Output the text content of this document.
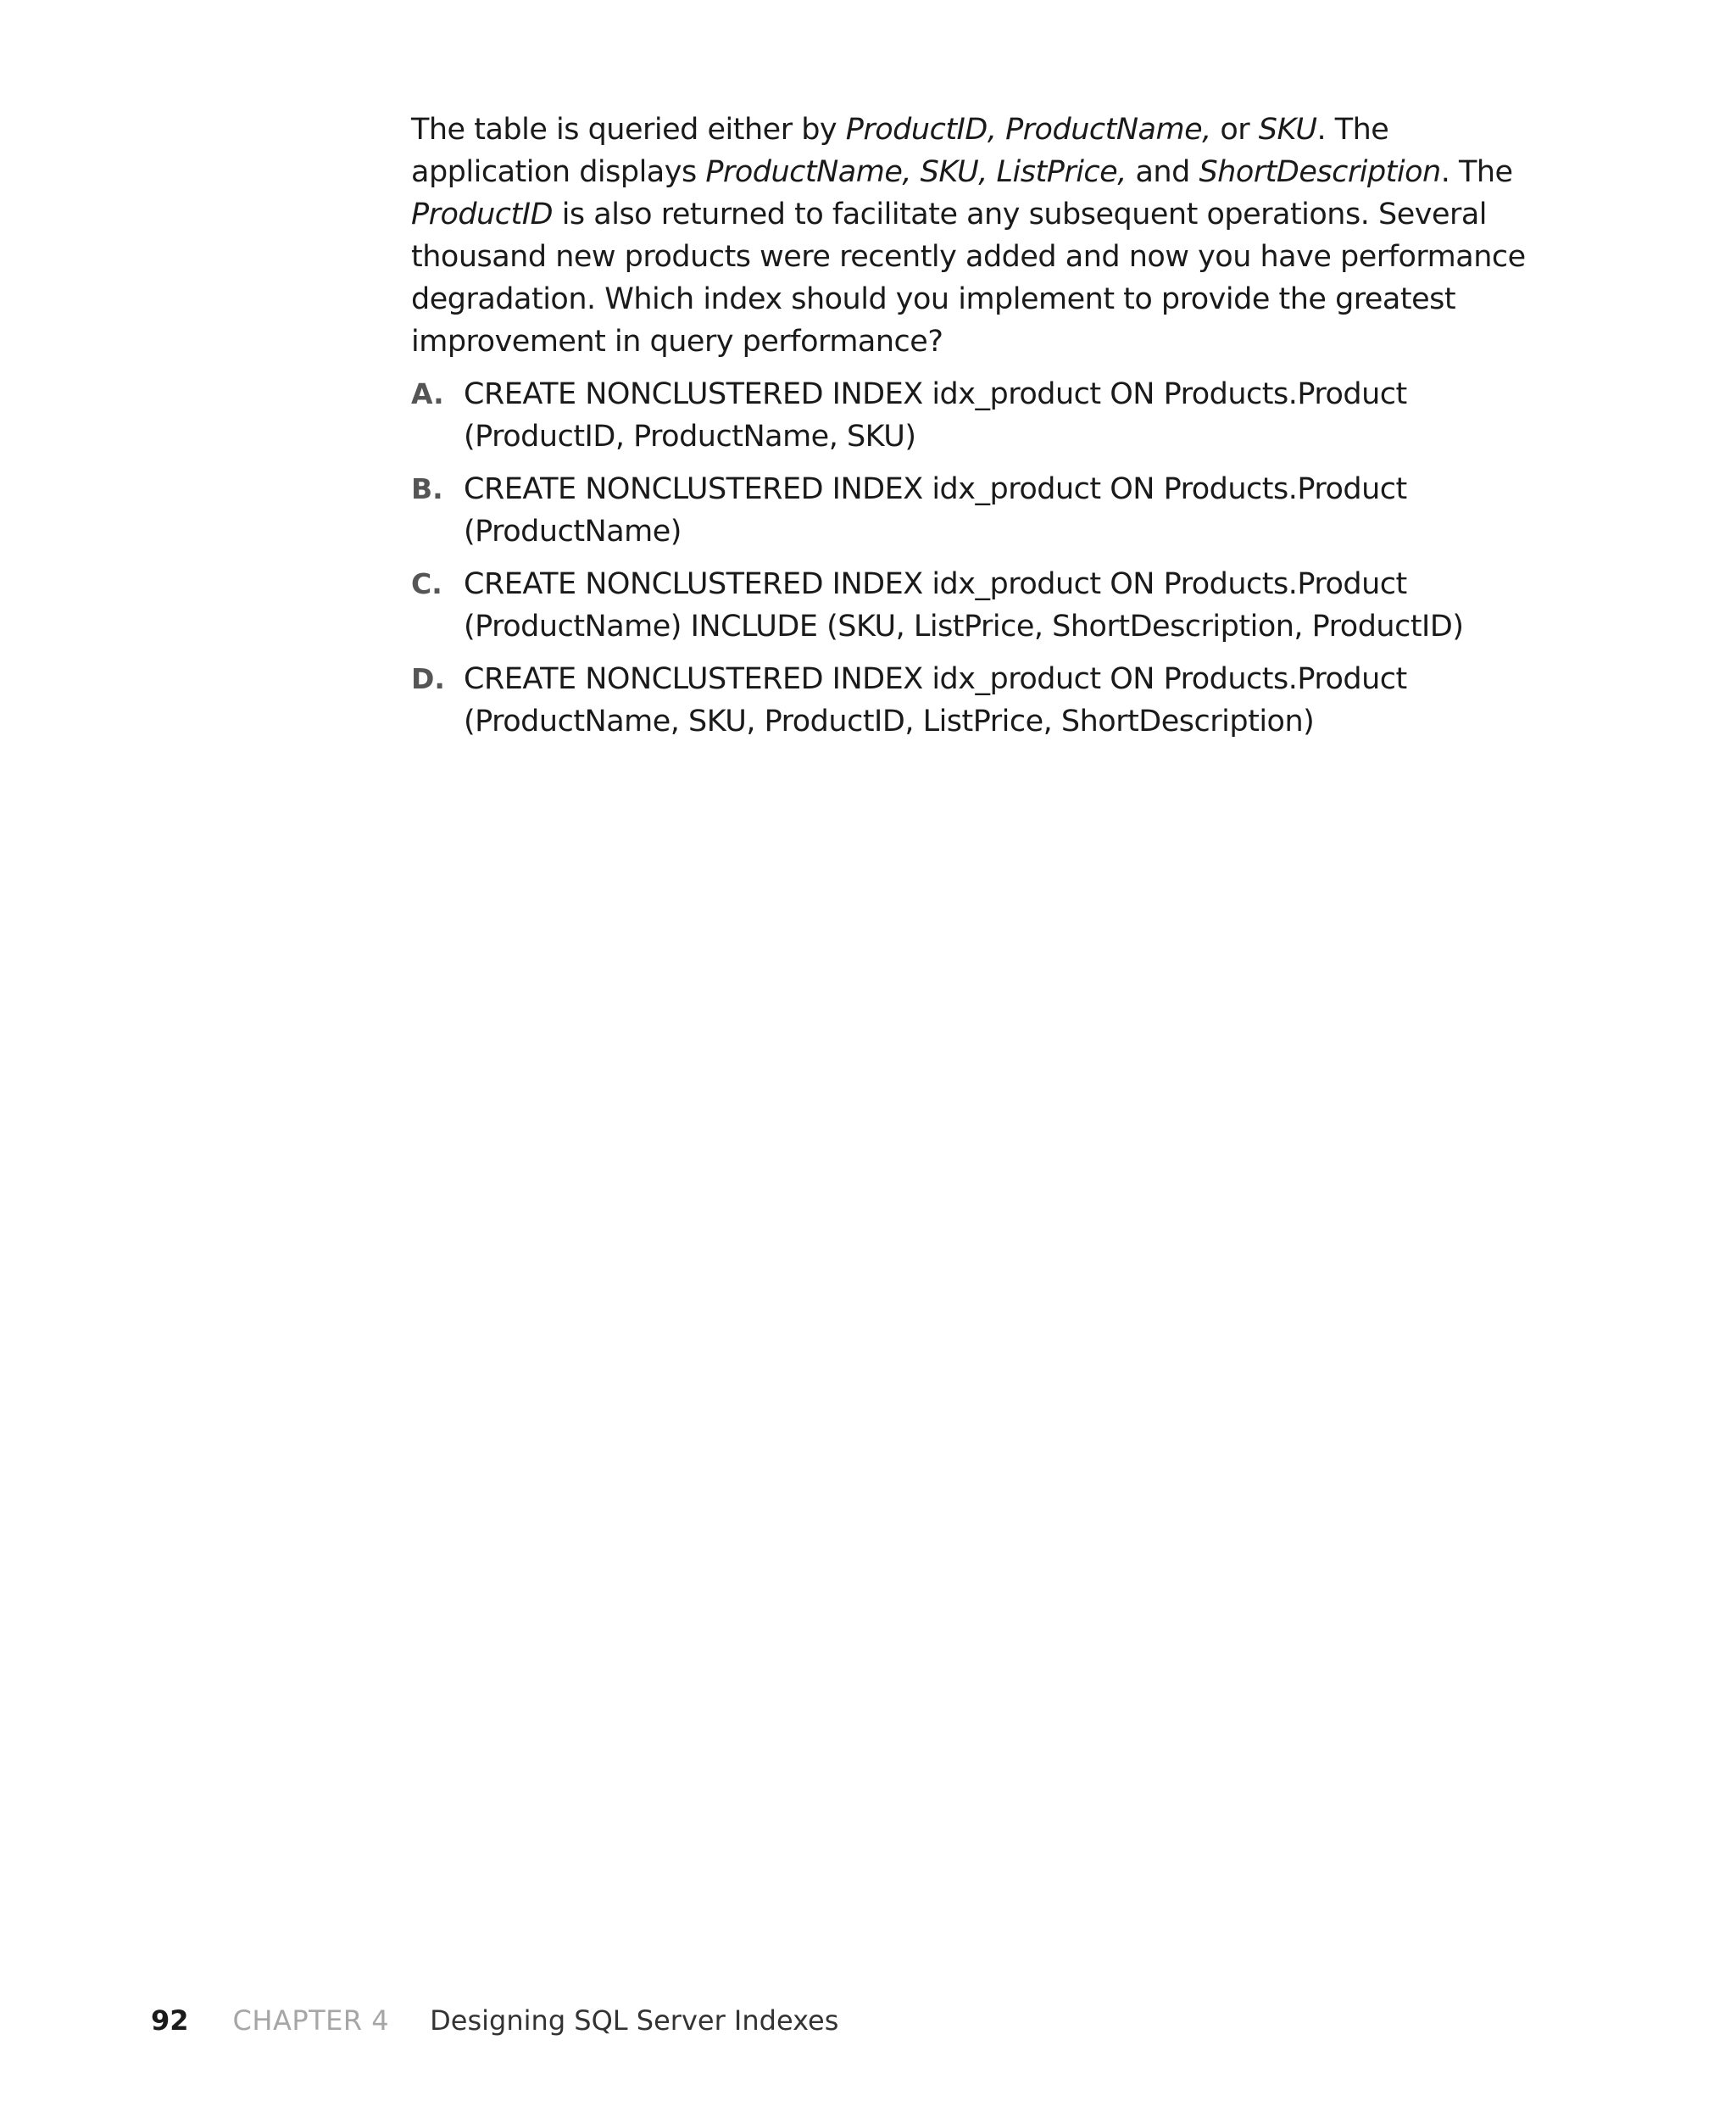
The table is queried either by ProductID, ProductName, or SKU. The application displays ProductName, SKU, ListPrice, and ShortDescription. The ProductID is also returned to facilitate any subsequent operations. Several thousand new products were recently added and now you have performance degradation. Which index should you implement to provide the greatest improvement in query performance?

A. CREATE NONCLUSTERED INDEX idx_product ON Products.Product (ProductID, ProductName, SKU)
B. CREATE NONCLUSTERED INDEX idx_product ON Products.Product (ProductName)
C. CREATE NONCLUSTERED INDEX idx_product ON Products.Product (ProductName) INCLUDE (SKU, ListPrice, ShortDescription, ProductID)
D. CREATE NONCLUSTERED INDEX idx_product ON Products.Product (ProductName, SKU, ProductID, ListPrice, ShortDescription)
92 CHAPTER 4 Designing SQL Server Indexes
